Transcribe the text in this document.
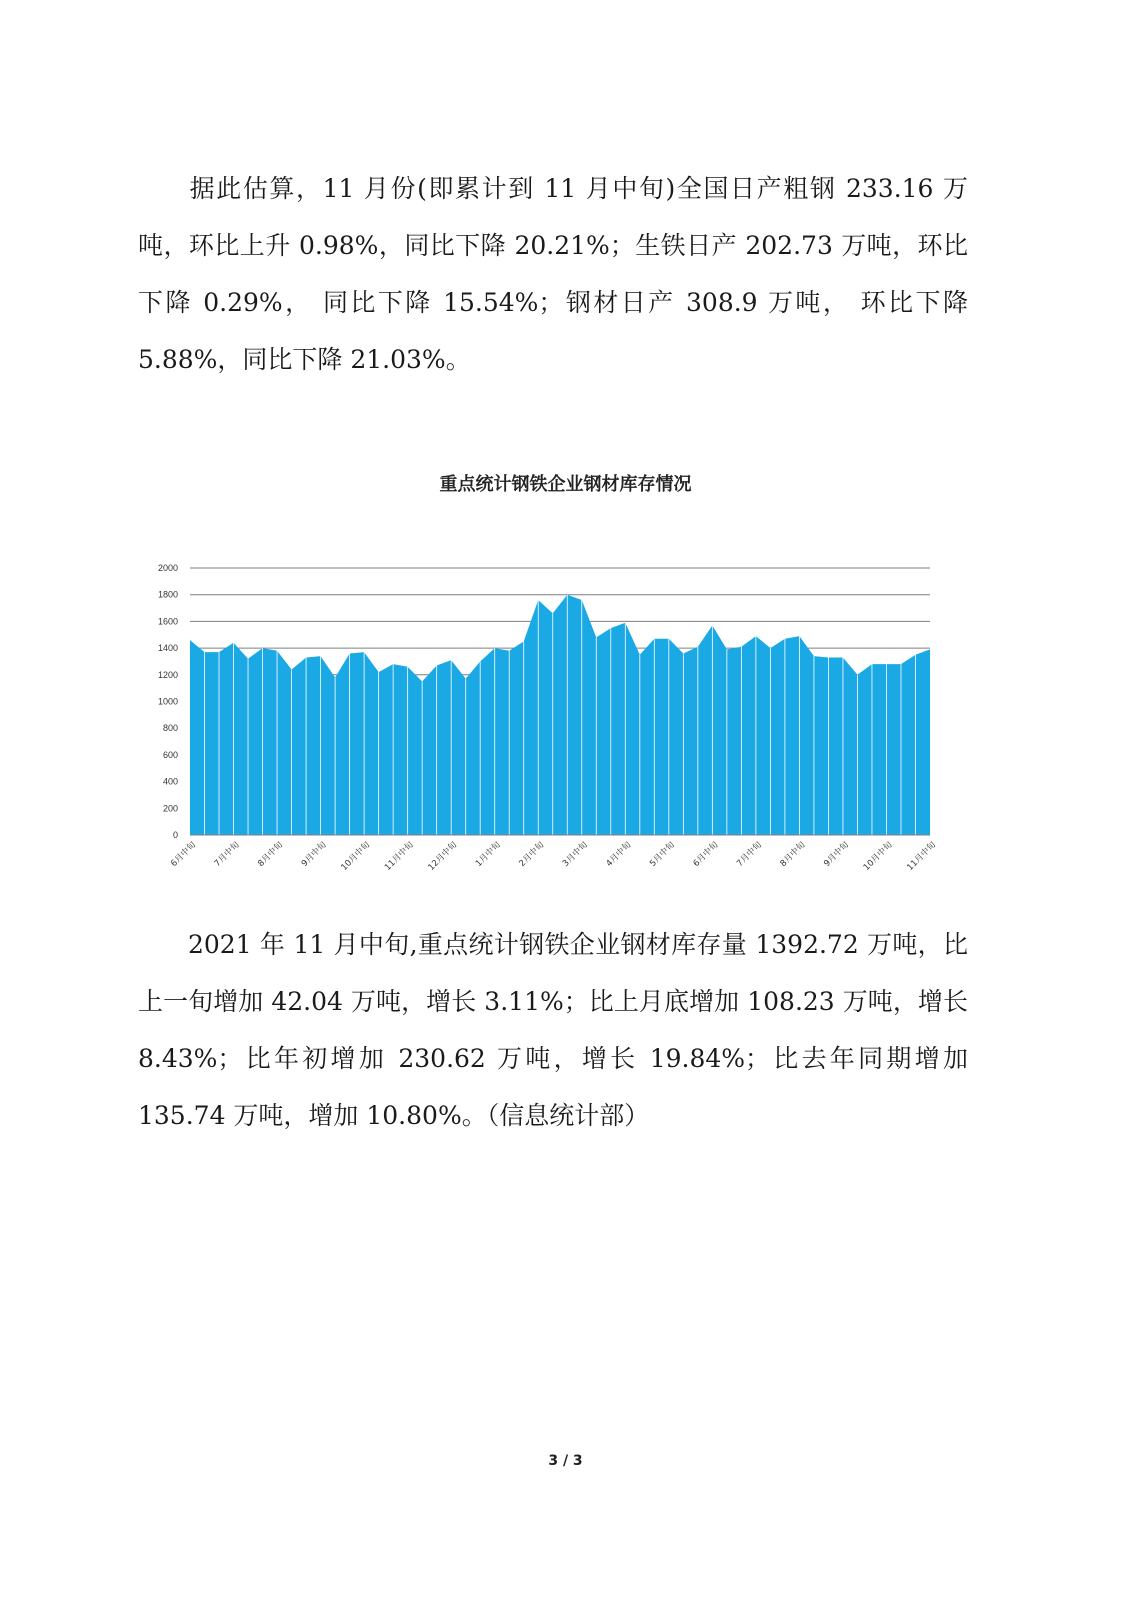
据此估算，11 月份(即累计到 11 月中旬)全国日产粗钢 233.16 万吨，环比上升 0.98%，同比下降 20.21%；生铁日产 202.73 万吨，环比下降 0.29%， 同比下降 15.54%；钢材日产 308.9 万吨， 环比下降 5.88%，同比下降 21.03%。

重点统计钢铁企业钢材库存情况
0
200
400
600
800
1000
1200
1400
1600
1800
2000
6月中旬 7月中旬 8月中旬 9月中旬 10月中旬 11月中旬 12月中旬 1月中旬 2月中旬 3月中旬 4月中旬 5月中旬 6月中旬 7月中旬 8月中旬 9月中旬 10月中旬 11月中旬

2021 年 11 月中旬,重点统计钢铁企业钢材库存量 1392.72 万吨，比上一旬增加 42.04 万吨，增长 3.11%；比上月底增加 108.23 万吨，增长 8.43%；比年初增加 230.62 万吨，增长 19.84%；比去年同期增加 135.74 万吨，增加 10.80%。（信息统计部）

3 / 3
